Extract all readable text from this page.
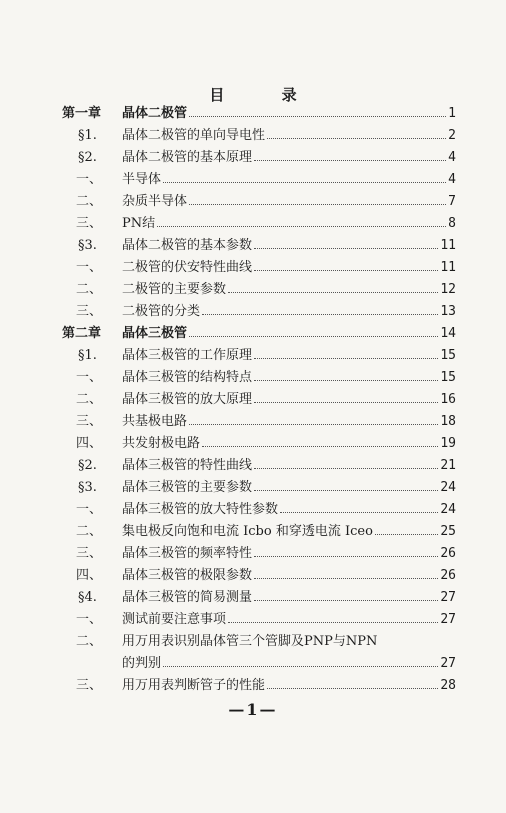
目 录
第一章 晶体二极管	1
§1. 晶体二极管的单向导电性	2
§2. 晶体二极管的基本原理	4
一、 半导体	4
二、 杂质半导体	7
三、 PN结	8
§3. 晶体二极管的基本参数	11
一、 二极管的伏安特性曲线	11
二、 二极管的主要参数	12
三、 二极管的分类	13
第二章 晶体三极管	14
§1. 晶体三极管的工作原理	15
一、 晶体三极管的结构特点	15
二、 晶体三极管的放大原理	16
三、 共基极电路	18
四、 共发射极电路	19
§2. 晶体三极管的特性曲线	21
§3. 晶体三极管的主要参数	24
一、 晶体三极管的放大特性参数	24
二、 集电极反向饱和电流 Icbo 和穿透电流 Iceo	25
三、 晶体三极管的频率特性	26
四、 晶体三极管的极限参数	26
§4. 晶体三极管的简易测量	27
一、 测试前要注意事项	27
二、 用万用表识别晶体管三个管脚及PNP与NPN
的判别	27
三、 用万用表判断管子的性能	28
—1—
